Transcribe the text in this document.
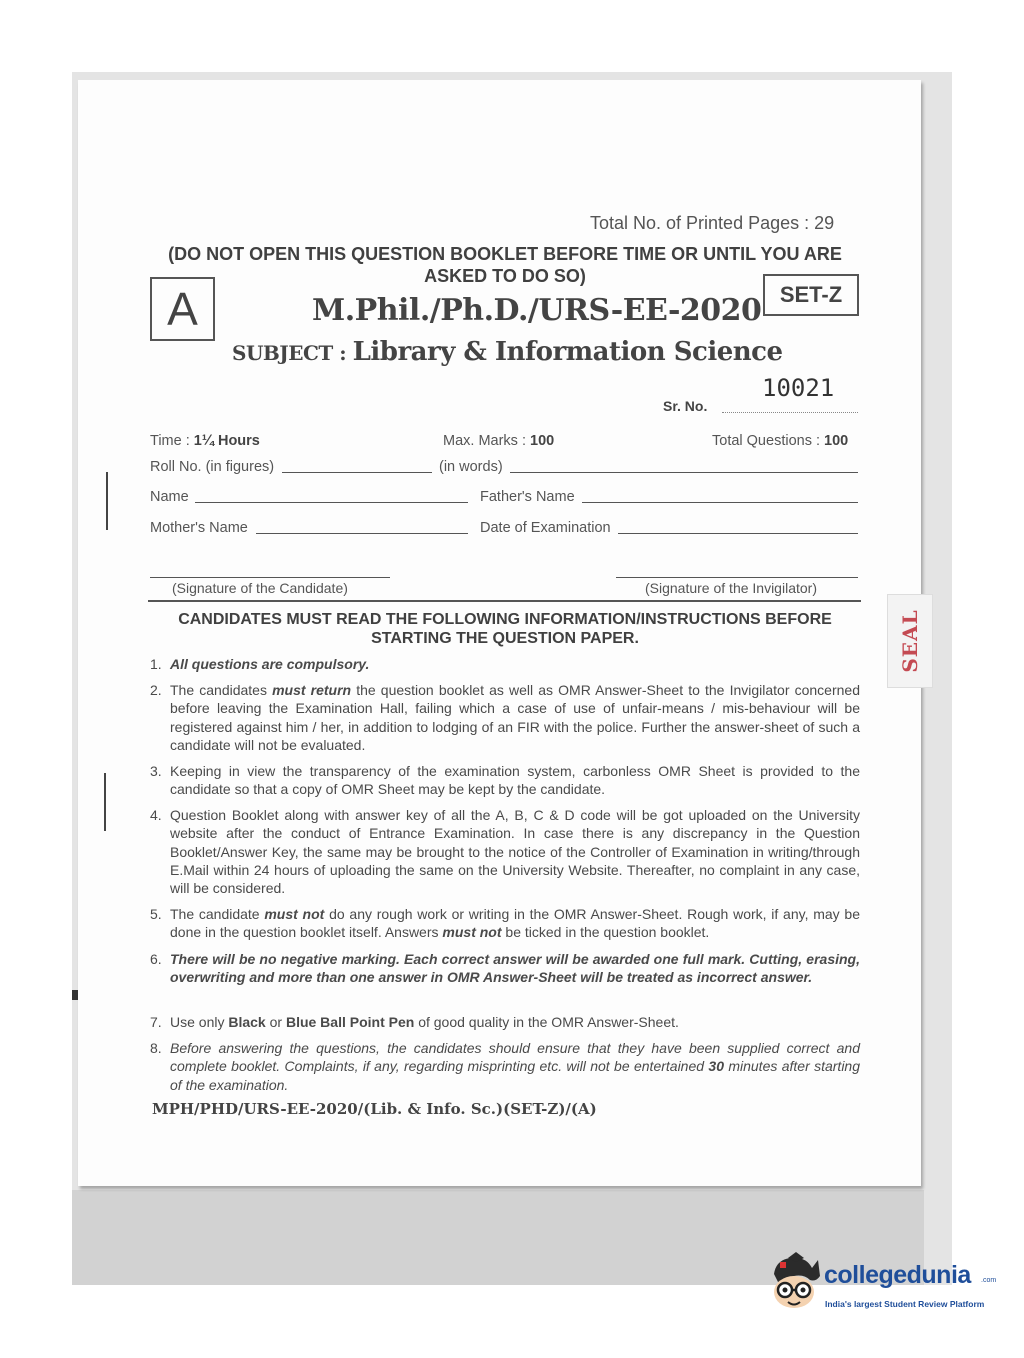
Total No. of Printed Pages : 29
(DO NOT OPEN THIS QUESTION BOOKLET BEFORE TIME OR UNTIL YOU ARE ASKED TO DO SO)
A	SET-Z
M.Phil./Ph.D./URS-EE-2020
SUBJECT : Library & Information Science
10021
Sr. No.
Time : 1¼ Hours	Max. Marks : 100	Total Questions : 100
Roll No. (in figures)	(in words)
Name	Father's Name
Mother's Name	Date of Examination
(Signature of the Candidate)	(Signature of the Invigilator)
CANDIDATES MUST READ THE FOLLOWING INFORMATION/INSTRUCTIONS BEFORE STARTING THE QUESTION PAPER.
1. All questions are compulsory.
2. The candidates must return the question booklet as well as OMR Answer-Sheet to the Invigilator concerned before leaving the Examination Hall, failing which a case of use of unfair-means / mis-behaviour will be registered against him / her, in addition to lodging of an FIR with the police. Further the answer-sheet of such a candidate will not be evaluated.
3. Keeping in view the transparency of the examination system, carbonless OMR Sheet is provided to the candidate so that a copy of OMR Sheet may be kept by the candidate.
4. Question Booklet along with answer key of all the A, B, C & D code will be got uploaded on the University website after the conduct of Entrance Examination. In case there is any discrepancy in the Question Booklet/Answer Key, the same may be brought to the notice of the Controller of Examination in writing/through E.Mail within 24 hours of uploading the same on the University Website. Thereafter, no complaint in any case, will be considered.
5. The candidate must not do any rough work or writing in the OMR Answer-Sheet. Rough work, if any, may be done in the question booklet itself. Answers must not be ticked in the question booklet.
6. There will be no negative marking. Each correct answer will be awarded one full mark. Cutting, erasing, overwriting and more than one answer in OMR Answer-Sheet will be treated as incorrect answer.
7. Use only Black or Blue Ball Point Pen of good quality in the OMR Answer-Sheet.
8. Before answering the questions, the candidates should ensure that they have been supplied correct and complete booklet. Complaints, if any, regarding misprinting etc. will not be entertained 30 minutes after starting of the examination.
MPH/PHD/URS-EE-2020/(Lib. & Info. Sc.)(SET-Z)/(A)
SEAL
collegedunia .com
India's largest Student Review Platform
